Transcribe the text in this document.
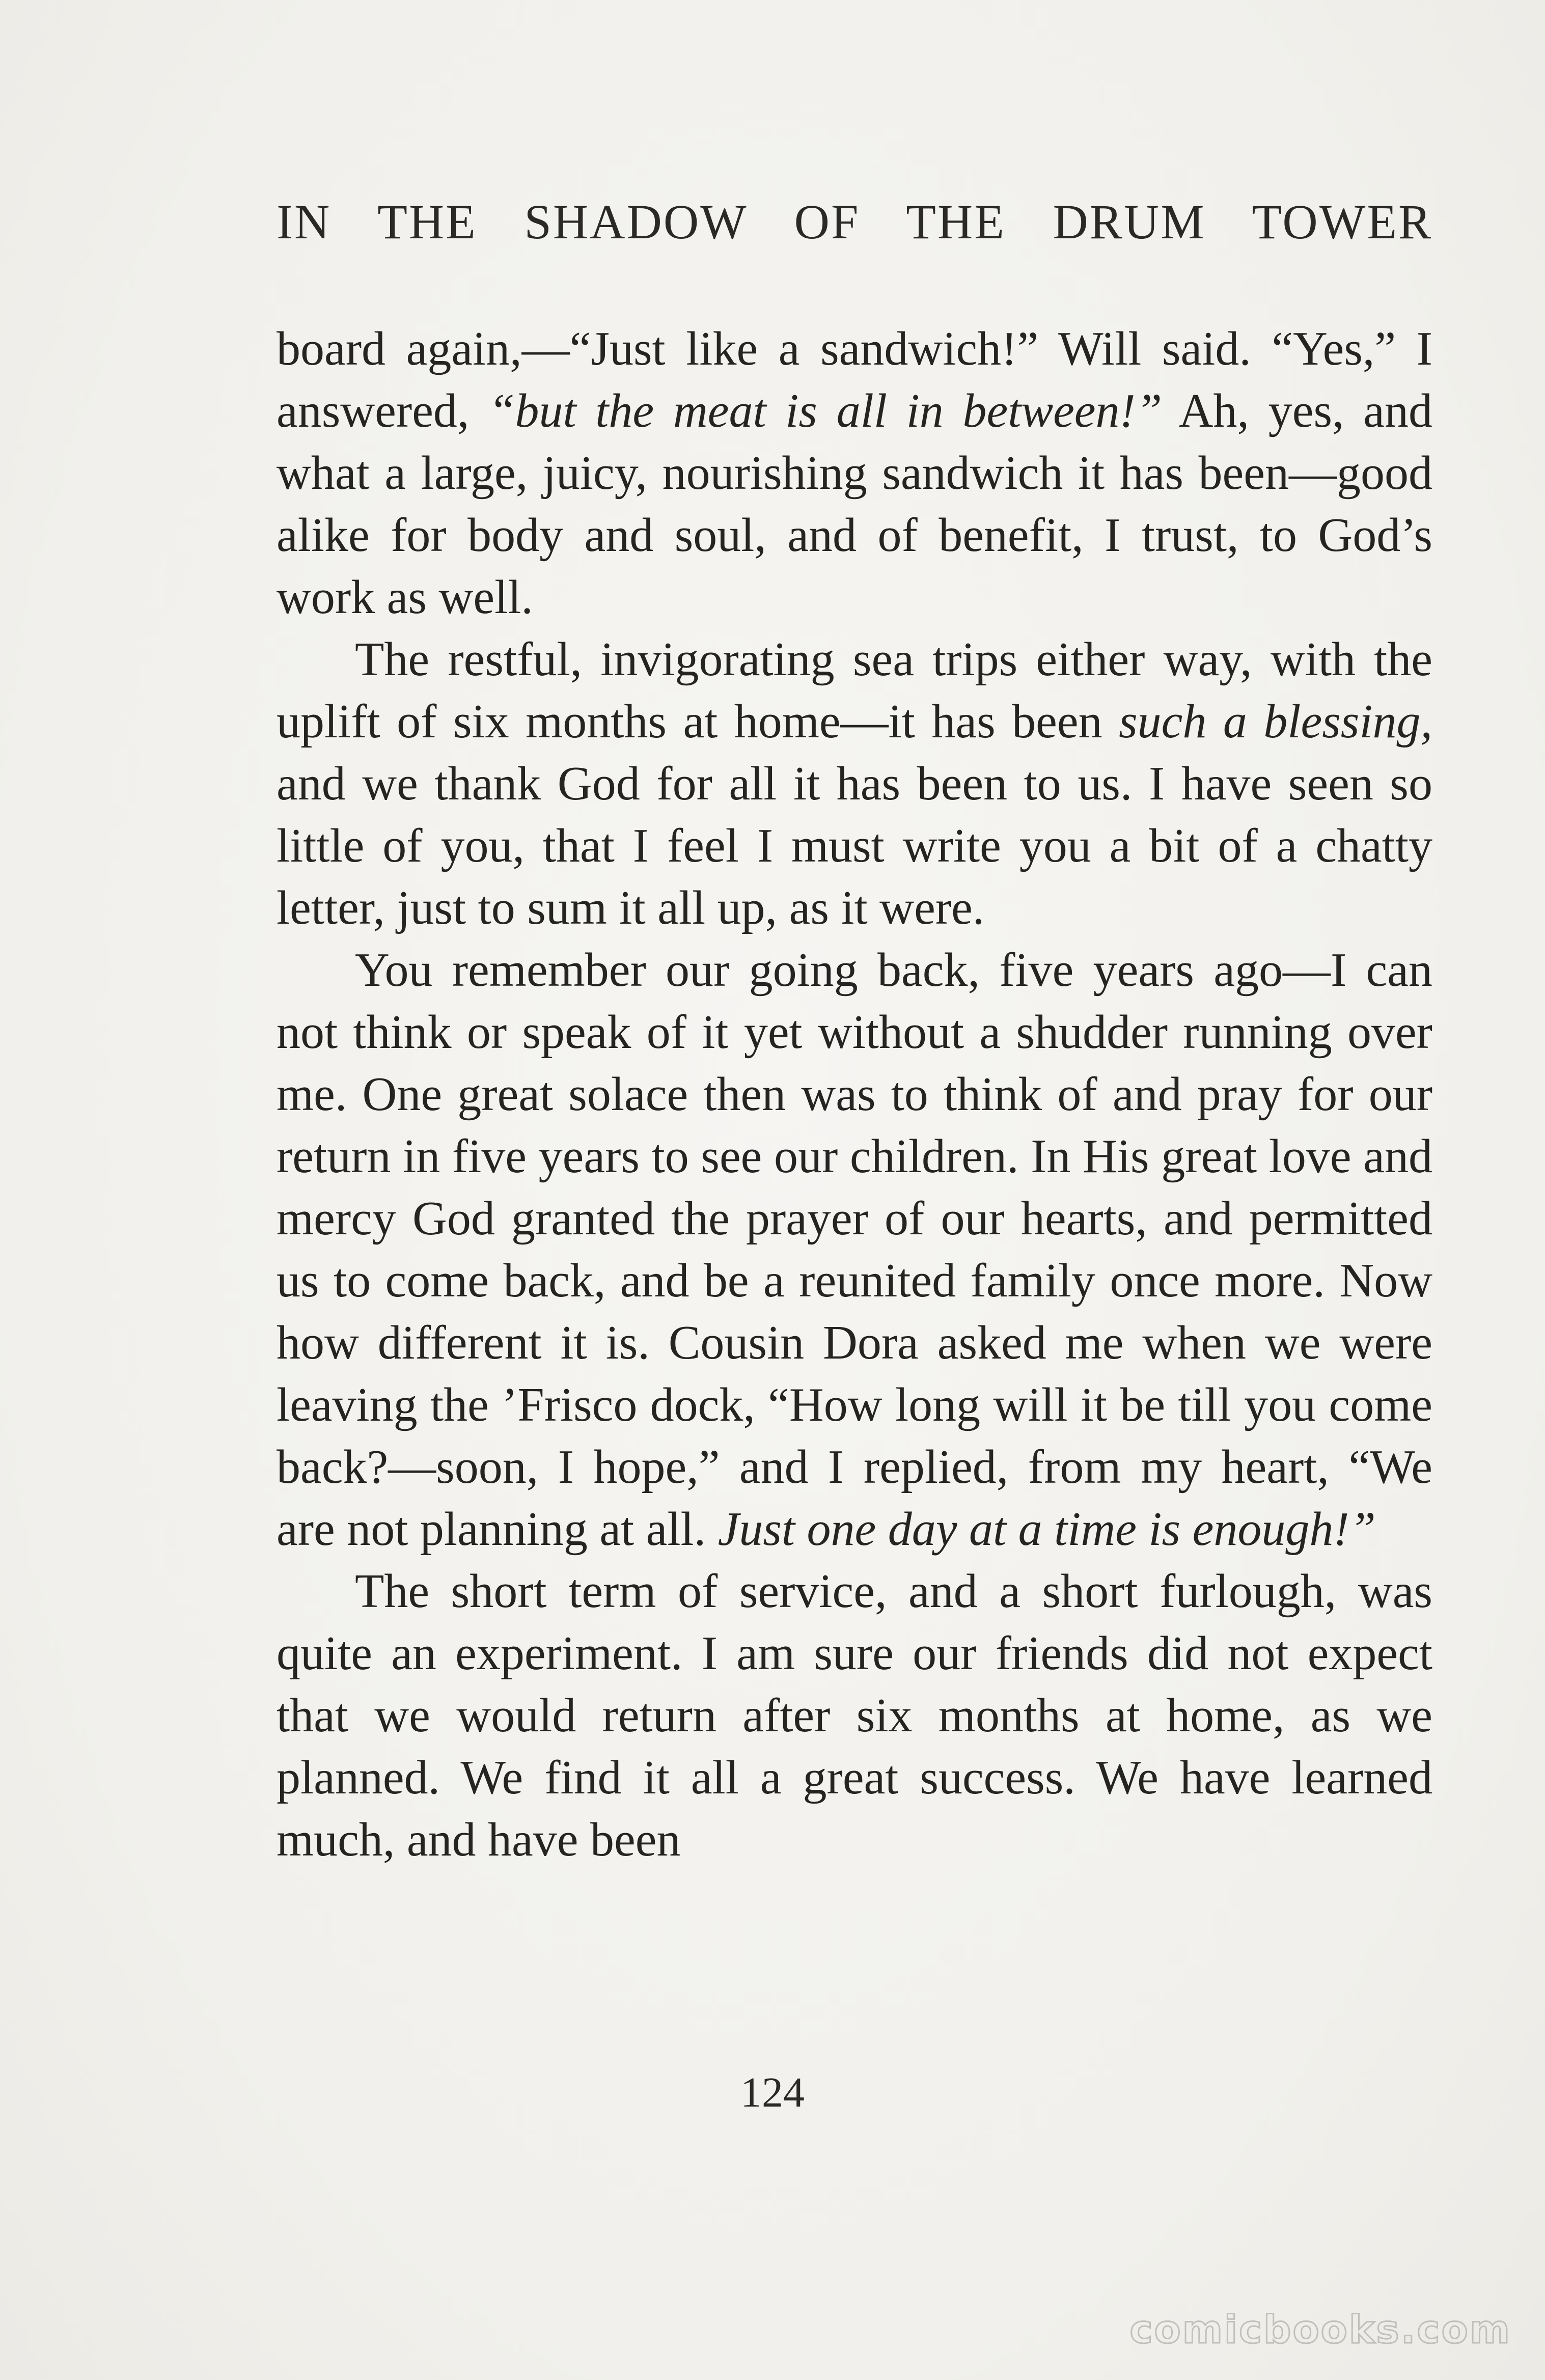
IN THE SHADOW OF THE DRUM TOWER

board again,—“Just like a sandwich!” Will said. “Yes,” I answered, “but the meat is all in between!” Ah, yes, and what a large, juicy, nourishing sandwich it has been—good alike for body and soul, and of benefit, I trust, to God’s work as well.

The restful, invigorating sea trips either way, with the uplift of six months at home—it has been such a blessing, and we thank God for all it has been to us. I have seen so little of you, that I feel I must write you a bit of a chatty letter, just to sum it all up, as it were.

You remember our going back, five years ago—I can not think or speak of it yet without a shudder running over me. One great solace then was to think of and pray for our return in five years to see our children. In His great love and mercy God granted the prayer of our hearts, and permitted us to come back, and be a reunited family once more. Now how different it is. Cousin Dora asked me when we were leaving the ’Frisco dock, “How long will it be till you come back?—soon, I hope,” and I replied, from my heart, “We are not planning at all. Just one day at a time is enough!”

The short term of service, and a short furlough, was quite an experiment. I am sure our friends did not expect that we would return after six months at home, as we planned. We find it all a great success. We have learned much, and have been

124
comicbooks.com
